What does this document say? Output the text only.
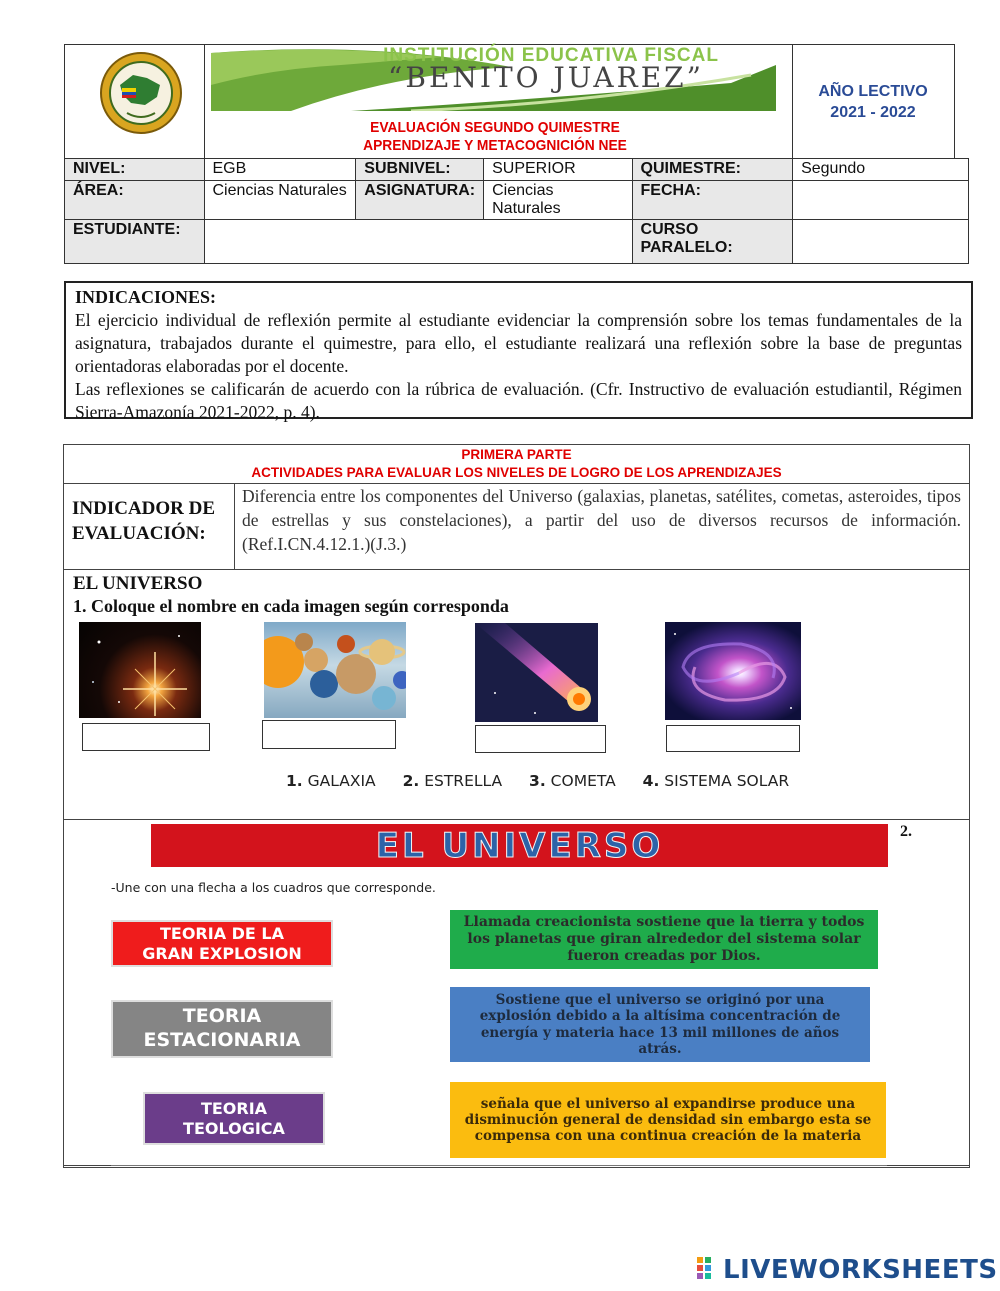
INSTITUCIÓN EDUCATIVA FISCAL
“BENITO JUAREZ”
EVALUACIÓN SEGUNDO QUIMESTRE
APRENDIZAJE Y METACOGNICIÓN NEE
AÑO LECTIVO
2021 - 2022
NIVEL:	EGB	SUBNIVEL:	SUPERIOR	QUIMESTRE:	Segundo
ÁREA:	Ciencias Naturales	ASIGNATURA:	Ciencias Naturales	FECHA:	
ESTUDIANTE:				CURSO
PARALELO:	

INDICACIONES:
El ejercicio individual de reflexión permite al estudiante evidenciar la comprensión sobre los temas fundamentales de la asignatura, trabajados durante el quimestre, para ello, el estudiante realizará una reflexión sobre la base de preguntas orientadoras elaboradas por el docente.
Las reflexiones se calificarán de acuerdo con la rúbrica de evaluación. (Cfr. Instructivo de evaluación estudiantil, Régimen Sierra-Amazonía 2021-2022, p. 4).
PRIMERA PARTE
ACTIVIDADES PARA EVALUAR LOS NIVELES DE LOGRO DE LOS APRENDIZAJES
INDICADOR DE EVALUACIÓN:
Diferencia entre los componentes del Universo (galaxias, planetas, satélites, cometas, asteroides, tipos de estrellas y sus constelaciones), a partir del uso de diversos recursos de información. (Ref.I.CN.4.12.1.)(J.3.)
EL UNIVERSO
1. Coloque el nombre en cada imagen según corresponda
1. GALAXIA 2. ESTRELLA 3. COMETA 4. SISTEMA SOLAR
EL UNIVERSO	2.
-Une con una flecha a los cuadros que corresponde.
TEORIA DE LA
GRAN EXPLOSION
TEORIA
ESTACIONARIA
TEORIA
TEOLOGICA
Llamada creacionista sostiene que la tierra y todos los planetas que giran alrededor del sistema solar fueron creadas por Dios.
Sostiene que el universo se originó por una explosión debido a la altísima concentración de energía y materia hace 13 mil millones de años atrás.
señala que el universo al expandirse produce una disminución general de densidad sin embargo esta se compensa con una continua creación de la materia
LIVEWORKSHEETS
